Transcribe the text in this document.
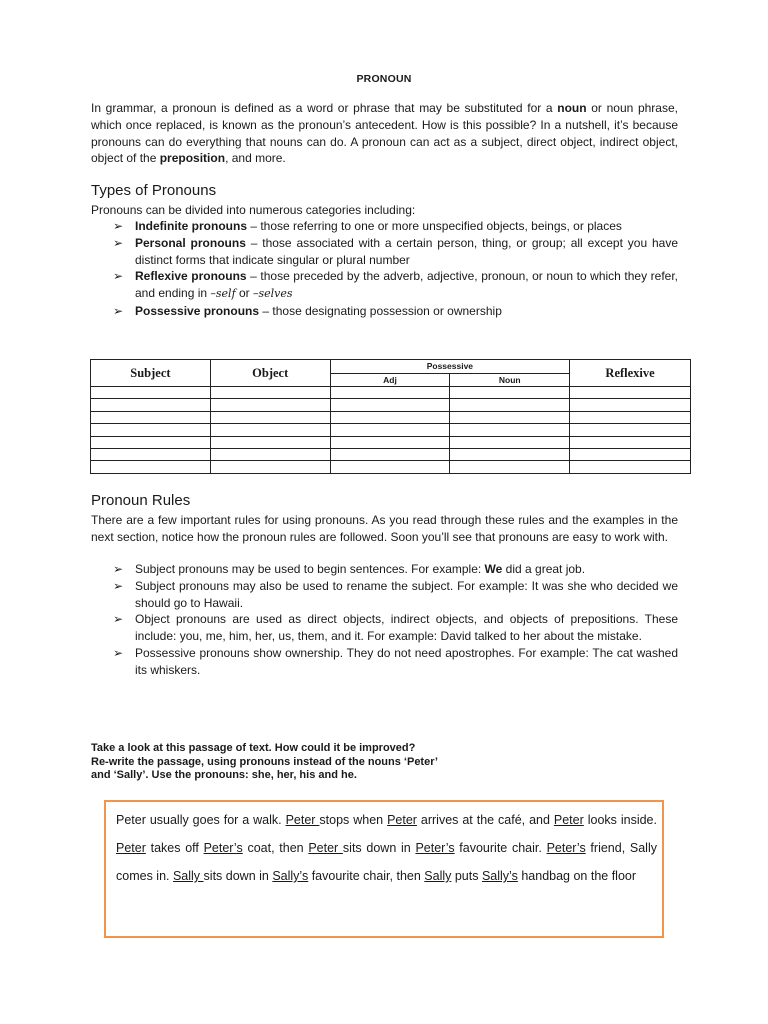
PRONOUN

In grammar, a pronoun is defined as a word or phrase that may be substituted for a noun or noun phrase, which once replaced, is known as the pronoun’s antecedent. How is this possible? In a nutshell, it’s because pronouns can do everything that nouns can do. A pronoun can act as a subject, direct object, indirect object, object of the preposition, and more.

Types of Pronouns

Pronouns can be divided into numerous categories including:

➢ Indefinite pronouns – those referring to one or more unspecified objects, beings, or places
➢ Personal pronouns – those associated with a certain person, thing, or group; all except you have distinct forms that indicate singular or plural number
➢ Reflexive pronouns – those preceded by the adverb, adjective, pronoun, or noun to which they refer, and ending in –self or –selves
➢ Possessive pronouns – those designating possession or ownership
Subject	Object	Possessive		Reflexive
		Adj	Noun	

Pronoun Rules

There are a few important rules for using pronouns. As you read through these rules and the examples in the next section, notice how the pronoun rules are followed. Soon you’ll see that pronouns are easy to work with.

➢ Subject pronouns may be used to begin sentences. For example: We did a great job.
➢ Subject pronouns may also be used to rename the subject. For example: It was she who decided we should go to Hawaii.
➢ Object pronouns are used as direct objects, indirect objects, and objects of prepositions. These include: you, me, him, her, us, them, and it. For example: David talked to her about the mistake.
➢ Possessive pronouns show ownership. They do not need apostrophes. For example: The cat washed its whiskers.
Take a look at this passage of text. How could it be improved?
Re-write the passage, using pronouns instead of the nouns ‘Peter’
and ‘Sally’. Use the pronouns: she, her, his and he.

Peter usually goes for a walk. Peter stops when Peter arrives at the café, and Peter looks inside. Peter takes off Peter’s coat, then Peter sits down in Peter’s favourite chair. Peter’s friend, Sally comes in. Sally sits down in Sally’s favourite chair, then Sally puts Sally’s handbag on the floor
